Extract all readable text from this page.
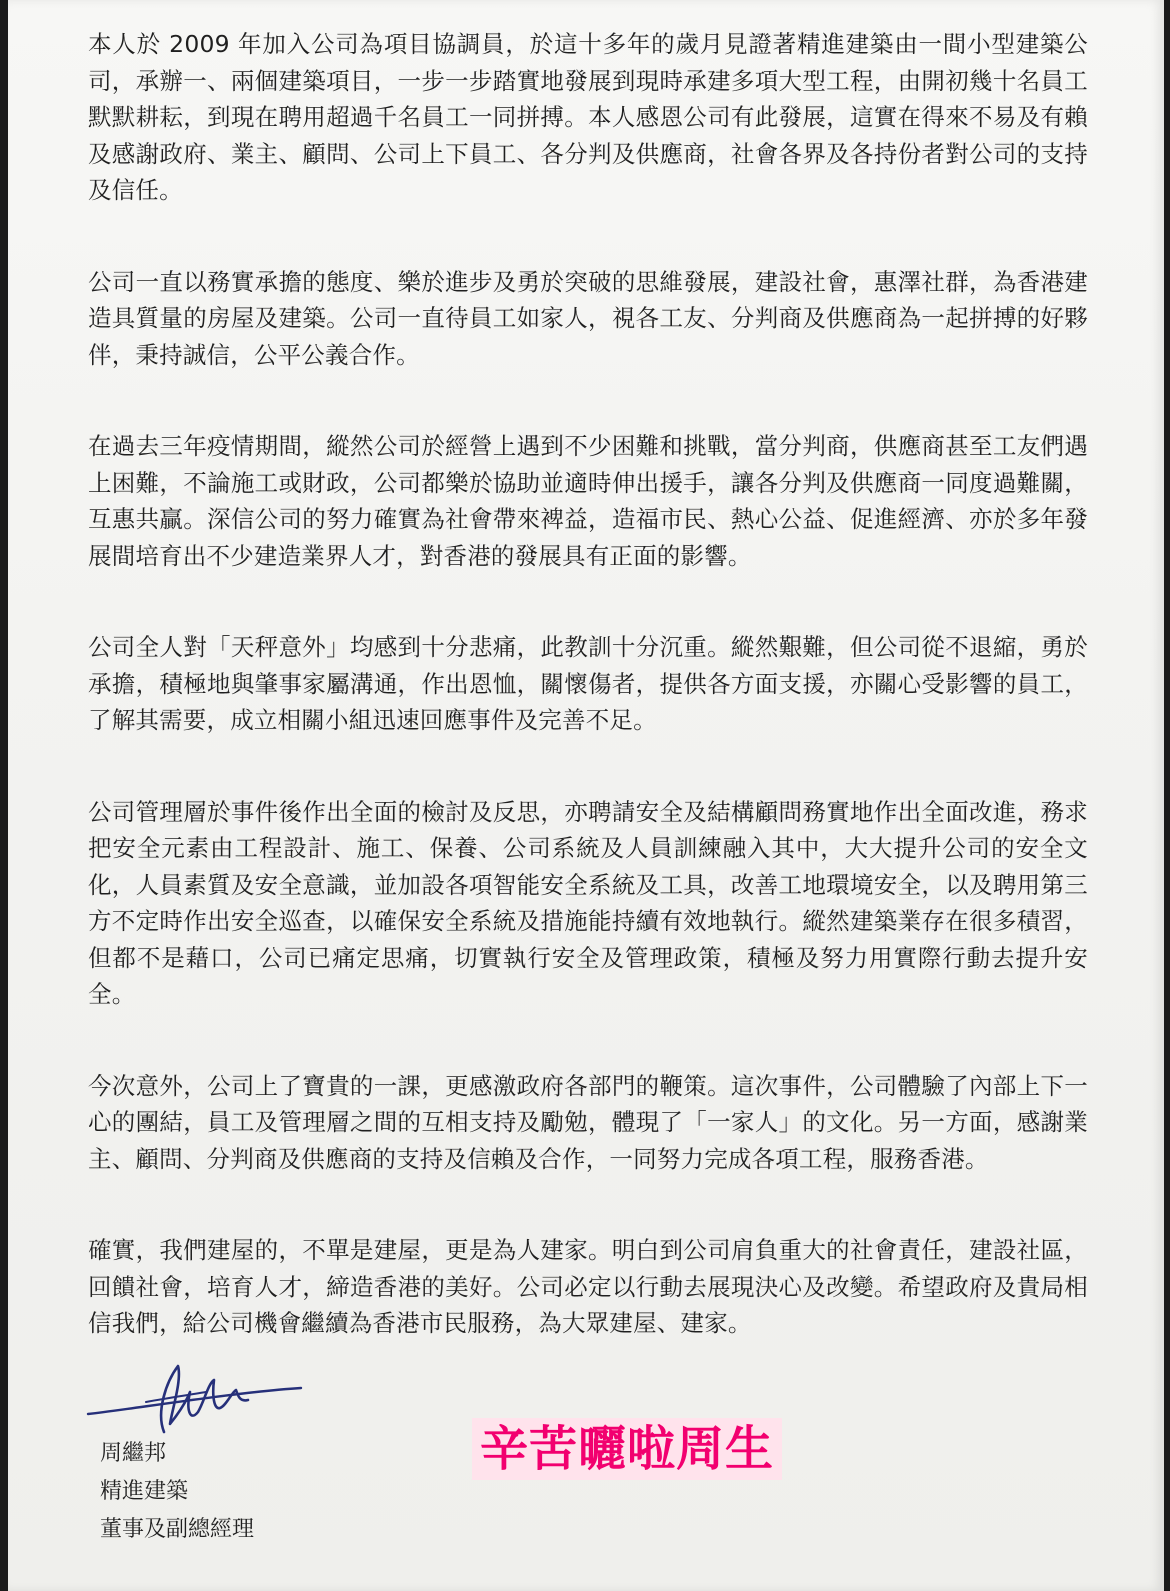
本人於 2009 年加入公司為項目協調員，於這十多年的歲月見證著精進建築由一間小型建築公司，承辦一、兩個建築項目，一步一步踏實地發展到現時承建多項大型工程，由開初幾十名員工默默耕耘，到現在聘用超過千名員工一同拼搏。本人感恩公司有此發展，這實在得來不易及有賴及感謝政府、業主、顧問、公司上下員工、各分判及供應商，社會各界及各持份者對公司的支持及信任。

公司一直以務實承擔的態度、樂於進步及勇於突破的思維發展，建設社會，惠澤社群，為香港建造具質量的房屋及建築。公司一直待員工如家人，視各工友、分判商及供應商為一起拼搏的好夥伴，秉持誠信，公平公義合作。

在過去三年疫情期間，縱然公司於經營上遇到不少困難和挑戰，當分判商，供應商甚至工友們遇上困難，不論施工或財政，公司都樂於協助並適時伸出援手，讓各分判及供應商一同度過難關，互惠共贏。深信公司的努力確實為社會帶來裨益，造福市民、熱心公益、促進經濟、亦於多年發展間培育出不少建造業界人才，對香港的發展具有正面的影響。

公司全人對「天秤意外」均感到十分悲痛，此教訓十分沉重。縱然艱難，但公司從不退縮，勇於承擔，積極地與肇事家屬溝通，作出恩恤，關懷傷者，提供各方面支援，亦關心受影響的員工，了解其需要，成立相關小組迅速回應事件及完善不足。

公司管理層於事件後作出全面的檢討及反思，亦聘請安全及結構顧問務實地作出全面改進，務求把安全元素由工程設計、施工、保養、公司系統及人員訓練融入其中，大大提升公司的安全文化，人員素質及安全意識，並加設各項智能安全系統及工具，改善工地環境安全，以及聘用第三方不定時作出安全巡查，以確保安全系統及措施能持續有效地執行。縱然建築業存在很多積習，但都不是藉口，公司已痛定思痛，切實執行安全及管理政策，積極及努力用實際行動去提升安全。

今次意外，公司上了寶貴的一課，更感激政府各部門的鞭策。這次事件，公司體驗了內部上下一心的團結，員工及管理層之間的互相支持及勵勉，體現了「一家人」的文化。另一方面，感謝業主、顧問、分判商及供應商的支持及信賴及合作，一同努力完成各項工程，服務香港。

確實，我們建屋的，不單是建屋，更是為人建家。明白到公司肩負重大的社會責任，建設社區，回饋社會，培育人才，締造香港的美好。公司必定以行動去展現決心及改變。希望政府及貴局相信我們，給公司機會繼續為香港市民服務，為大眾建屋、建家。

周繼邦
精進建築
董事及副總經理
辛苦曬啦周生
